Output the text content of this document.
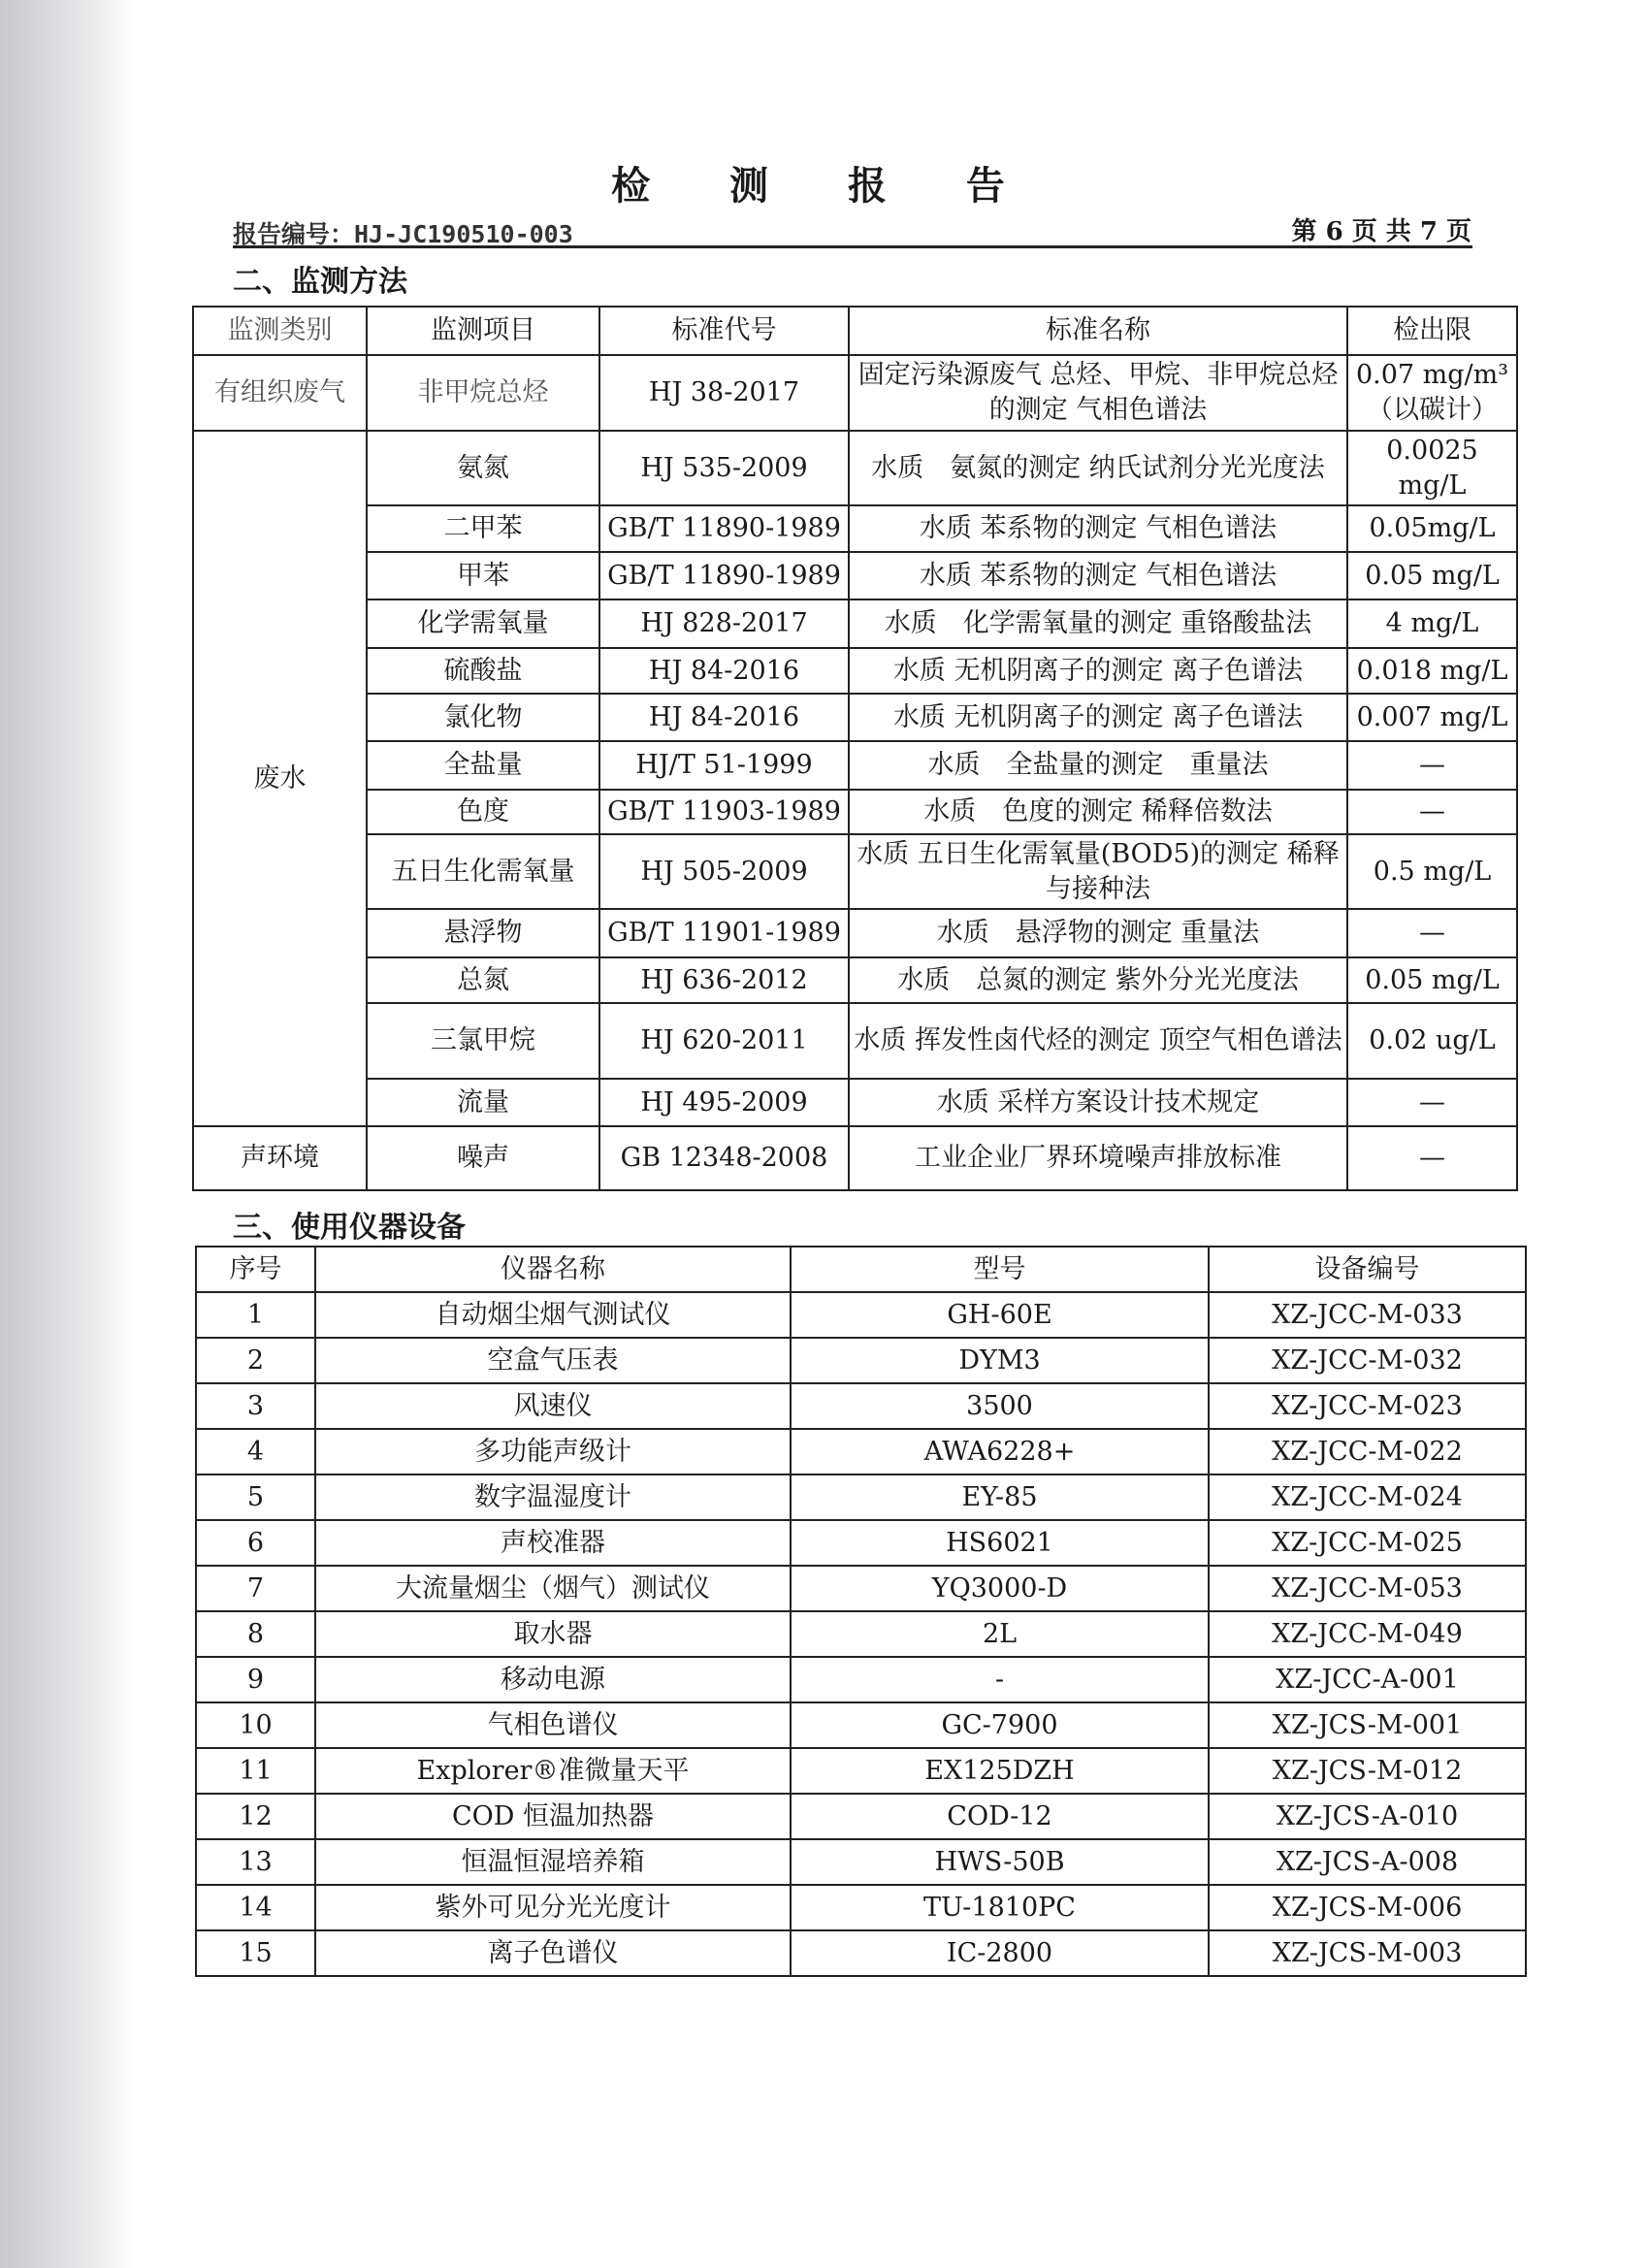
检 测 报 告
报告编号：HJ-JC190510-003	第 6 页 共 7 页
二、监测方法
监测类别	监测项目	标准代号	标准名称	检出限
有组织废气	非甲烷总烃	HJ 38-2017	固定污染源废气 总烃、甲烷、非甲烷总烃的测定 气相色谱法	0.07 mg/m³（以碳计）
废水	氨氮	HJ 535-2009	水质　氨氮的测定 纳氏试剂分光光度法	0.0025 mg/L
	二甲苯	GB/T 11890-1989	水质 苯系物的测定 气相色谱法	0.05mg/L
	甲苯	GB/T 11890-1989	水质 苯系物的测定 气相色谱法	0.05 mg/L
	化学需氧量	HJ 828-2017	水质　化学需氧量的测定 重铬酸盐法	4 mg/L
	硫酸盐	HJ 84-2016	水质 无机阴离子的测定 离子色谱法	0.018 mg/L
	氯化物	HJ 84-2016	水质 无机阴离子的测定 离子色谱法	0.007 mg/L
	全盐量	HJ/T 51-1999	水质　全盐量的测定　重量法	—
	色度	GB/T 11903-1989	水质　色度的测定 稀释倍数法	—
	五日生化需氧量	HJ 505-2009	水质 五日生化需氧量(BOD5)的测定 稀释与接种法	0.5 mg/L
	悬浮物	GB/T 11901-1989	水质　悬浮物的测定 重量法	—
	总氮	HJ 636-2012	水质　总氮的测定 紫外分光光度法	0.05 mg/L
	三氯甲烷	HJ 620-2011	水质 挥发性卤代烃的测定 顶空气相色谱法	0.02 ug/L
	流量	HJ 495-2009	水质 采样方案设计技术规定	—
声环境	噪声	GB 12348-2008	工业企业厂界环境噪声排放标准	—
三、使用仪器设备
序号	仪器名称	型号	设备编号
1	自动烟尘烟气测试仪	GH-60E	XZ-JCC-M-033
2	空盒气压表	DYM3	XZ-JCC-M-032
3	风速仪	3500	XZ-JCC-M-023
4	多功能声级计	AWA6228+	XZ-JCC-M-022
5	数字温湿度计	EY-85	XZ-JCC-M-024
6	声校准器	HS6021	XZ-JCC-M-025
7	大流量烟尘（烟气）测试仪	YQ3000-D	XZ-JCC-M-053
8	取水器	2L	XZ-JCC-M-049
9	移动电源	-	XZ-JCC-A-001
10	气相色谱仪	GC-7900	XZ-JCS-M-001
11	Explorer®准微量天平	EX125DZH	XZ-JCS-M-012
12	COD 恒温加热器	COD-12	XZ-JCS-A-010
13	恒温恒湿培养箱	HWS-50B	XZ-JCS-A-008
14	紫外可见分光光度计	TU-1810PC	XZ-JCS-M-006
15	离子色谱仪	IC-2800	XZ-JCS-M-003
